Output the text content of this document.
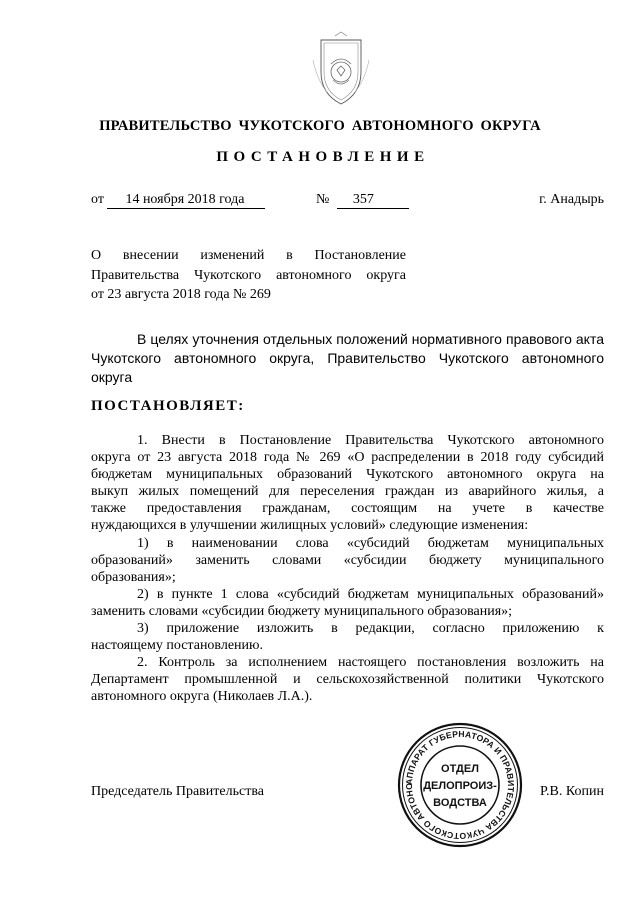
ПРАВИТЕЛЬСТВО ЧУКОТСКОГО АВТОНОМНОГО ОКРУГА
ПОСТАНОВЛЕНИЕ
от 14 ноября 2018 года	№ 357	г. Анадырь
О внесении изменений в Постановление
Правительства Чукотского автономного округа
от 23 августа 2018 года № 269
В целях уточнения отдельных положений нормативного правового акта
Чукотского автономного округа, Правительство Чукотского автономного
округа
ПОСТАНОВЛЯЕТ:
1. Внести в Постановление Правительства Чукотского автономного
округа от 23 августа 2018 года № 269 «О распределении в 2018 году субсидий
бюджетам муниципальных образований Чукотского автономного округа на
выкуп жилых помещений для переселения граждан из аварийного жилья, а
также предоставления гражданам, состоящим на учете в качестве
нуждающихся в улучшении жилищных условий» следующие изменения:
1) в наименовании слова «субсидий бюджетам муниципальных
образований» заменить словами «субсидии бюджету муниципального
образования»;
2) в пункте 1 слова «субсидий бюджетам муниципальных образований»
заменить словами «субсидии бюджету муниципального образования»;
3) приложение изложить в редакции, согласно приложению к
настоящему постановлению.
2. Контроль за исполнением настоящего постановления возложить на
Департамент промышленной и сельскохозяйственной политики Чукотского
автономного округа (Николаев Л.А.).
Председатель Правительства	Р.В. Копин
АППАРАТ ГУБЕРНАТОРА И ПРАВИТЕЛЬСТВА ЧУКОТСКОГО АВТОНО
ОТДЕЛ
ДЕЛОПРОИЗ-
ВОДСТВА
